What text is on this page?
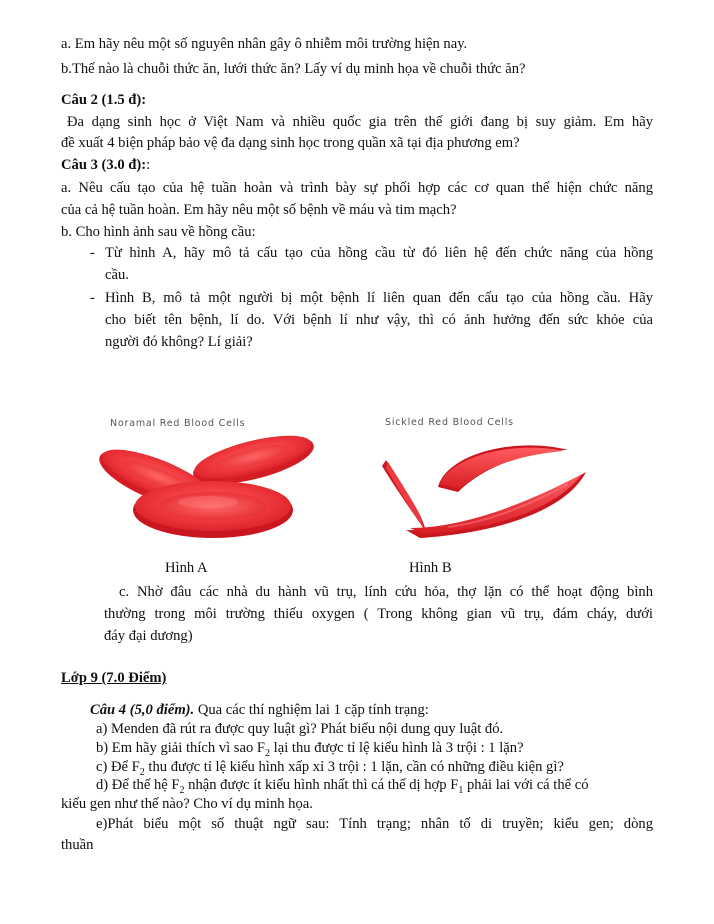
a. Em hãy nêu một số nguyên nhân gây ô nhiễm môi trường hiện nay.
b.Thế nào là chuỗi thức ăn, lưới thức ăn? Lấy ví dụ minh họa về chuỗi thức ăn?
Câu 2 (1.5 đ):
Đa dạng sinh học ở Việt Nam và nhiều quốc gia trên thế giới đang bị suy giảm. Em hãy
đề xuất 4 biện pháp bảo vệ đa dạng sinh học trong quần xã tại địa phương em?
Câu 3 (3.0 đ)::
a. Nêu cấu tạo của hệ tuần hoàn và trình bày sự phối hợp các cơ quan thể hiện chức năng
của cả hệ tuần hoàn. Em hãy nêu một số bệnh về máu và tim mạch?
b. Cho hình ảnh sau về hồng cầu:
- Từ hình A, hãy mô tả cấu tạo của hồng cầu từ đó liên hệ đến chức năng của hồng
cầu.
- Hình B, mô tả một người bị một bệnh lí liên quan đến cấu tạo của hồng cầu. Hãy
cho biết tên bệnh, lí do. Với bệnh lí như vậy, thì có ảnh hưởng đến sức khỏe của
người đó không? Lí giải?
Noramal Red Blood Cells	Sickled Red Blood Cells
Hình A	Hình B
c. Nhờ đâu các nhà du hành vũ trụ, lính cứu hỏa, thợ lặn có thể hoạt động bình
thường trong môi trường thiếu oxygen ( Trong không gian vũ trụ, đám cháy, dưới
đáy đại dương)
Lớp 9 (7.0 Điểm)
Câu 4 (5,0 điểm). Qua các thí nghiệm lai 1 cặp tính trạng:
a) Menden đã rút ra được quy luật gì? Phát biểu nội dung quy luật đó.
b) Em hãy giải thích vì sao $F_2$ lại thu được tỉ lệ kiểu hình là 3 trội : 1 lặn?
c) Để $F_2$ thu được tỉ lệ kiểu hình xấp xỉ 3 trội : 1 lặn, cần có những điều kiện gì?
d) Để thế hệ $F_2$ nhận được ít kiểu hình nhất thì cá thể dị hợp $F_1$ phải lai với cá thể có
kiểu gen như thế nào? Cho ví dụ minh họa.
e)Phát biểu một số thuật ngữ sau: Tính trạng; nhân tố di truyền; kiểu gen; dòng
thuần
